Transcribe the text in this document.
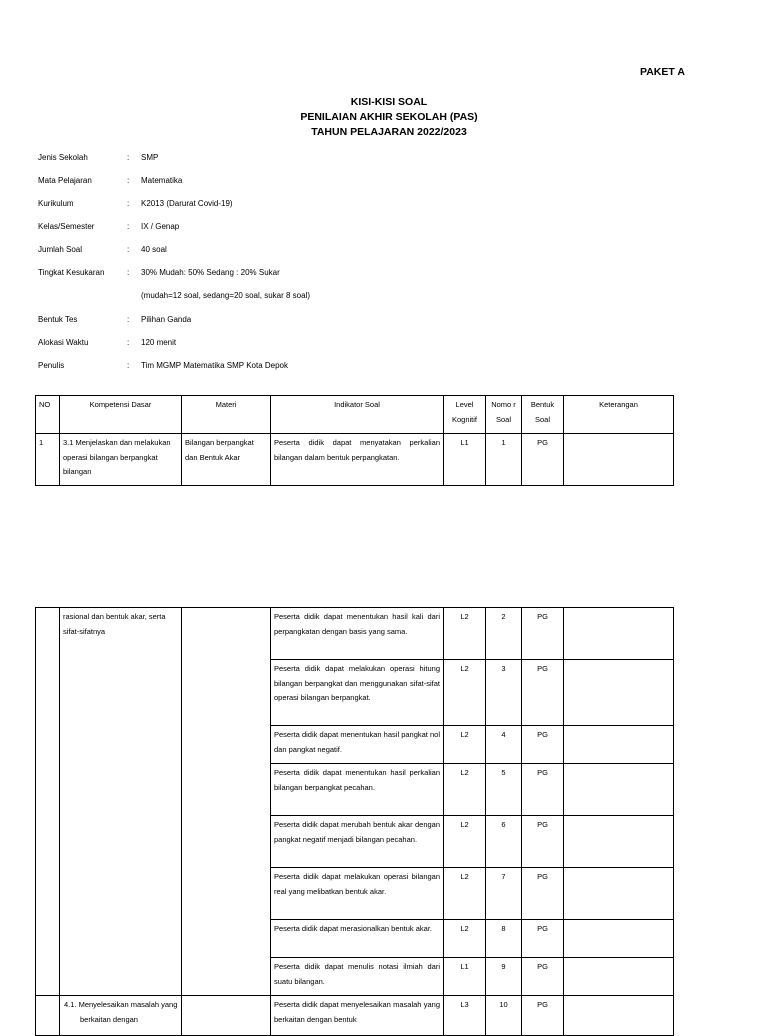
PAKET A
KISI-KISI SOAL
PENILAIAN AKHIR SEKOLAH (PAS)
TAHUN PELAJARAN 2022/2023
Jenis Sekolah	: SMP
Mata Pelajaran	: Matematika
Kurikulum	: K2013 (Darurat Covid-19)
Kelas/Semester	: IX / Genap
Jumlah Soal	: 40 soal
Tingkat Kesukaran	: 30% Mudah: 50% Sedang : 20% Sukar
(mudah=12 soal, sedang=20 soal, sukar 8 soal)
Bentuk Tes	: Pilihan Ganda
Alokasi Waktu	: 120 menit
Penulis	: Tim MGMP Matematika SMP Kota Depok
NO	Kompetensi Dasar	Materi	Indikator Soal	Level Kognitif	Nomo r Soal	Bentuk Soal	Keterangan
1	3.1 Menjelaskan dan melakukan operasi bilangan berpangkat bilangan	Bilangan berpangkat dan Bentuk Akar	Peserta didik dapat menyatakan perkalian bilangan dalam bentuk perpangkatan.	L1	1	PG	
	rasional dan bentuk akar, serta sifat-sifatnya		Peserta didik dapat menentukan hasil kali dari perpangkatan dengan basis yang sama.	L2	2	PG	
			Peserta didik dapat melakukan operasi hitung bilangan berpangkat dan menggunakan sifat-sifat operasi bilangan berpangkat.	L2	3	PG	
			Peserta didik dapat menentukan hasil pangkat nol dan pangkat negatif.	L2	4	PG	
			Peserta didik dapat menentukan hasil perkalian bilangan berpangkat pecahan.	L2	5	PG	
			Peserta didik dapat merubah bentuk akar dengan pangkat negatif menjadi bilangan pecahan.	L2	6	PG	
			Peserta didik dapat melakukan operasi bilangan real yang melibatkan bentuk akar.	L2	7	PG	
			Peserta didik dapat merasionalkan bentuk akar.	L2	8	PG	
			Peserta didik dapat menulis notasi ilmiah dari suatu bilangan.	L1	9	PG	
	4.1. Menyelesaikan masalah yang berkaitan dengan		Peserta didik dapat menyelesaikan masalah yang berkaitan dengan bentuk	L3	10	PG	
